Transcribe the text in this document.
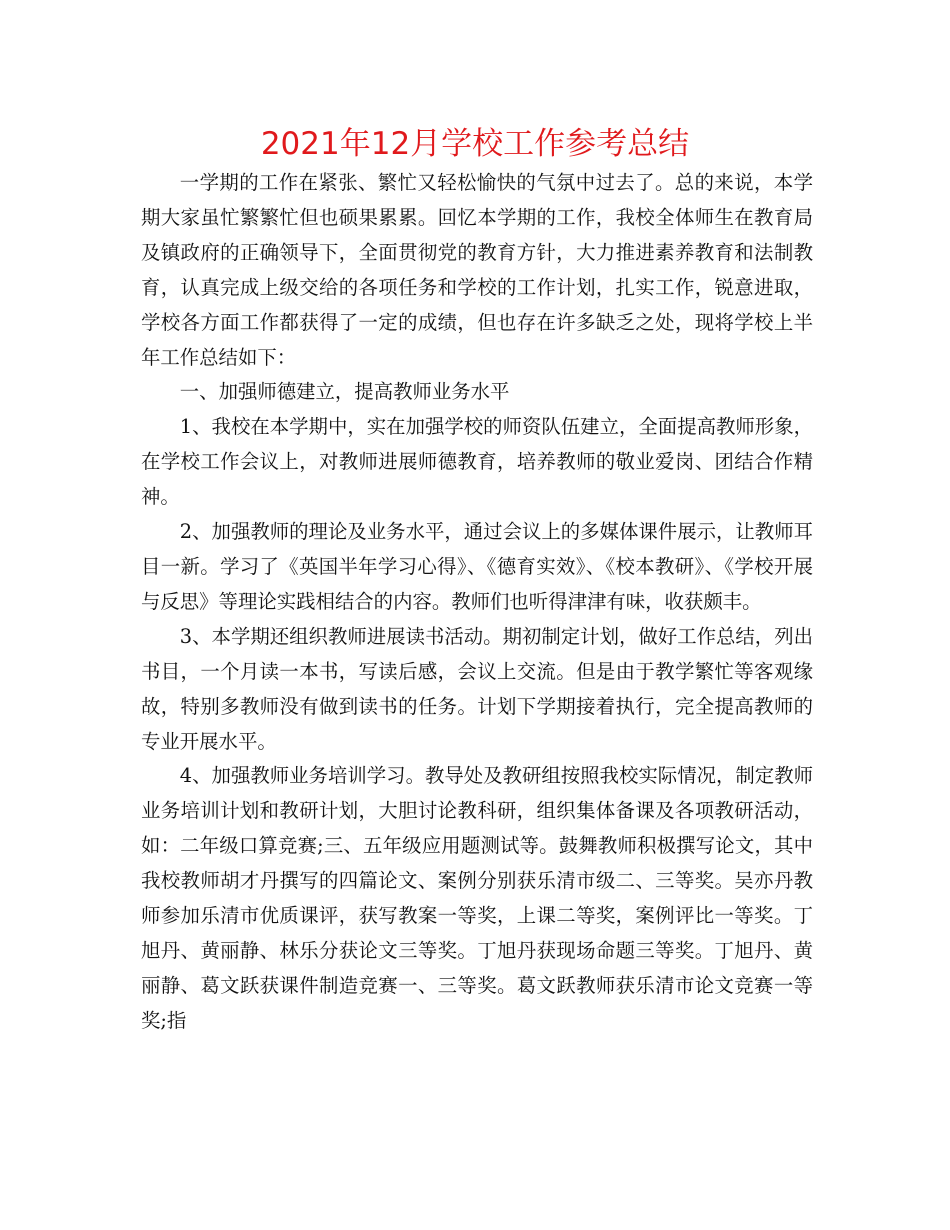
2021年12月学校工作参考总结

一学期的工作在紧张、繁忙又轻松愉快的气氛中过去了。总的来说，本学期大家虽忙繁繁忙但也硕果累累。回忆本学期的工作，我校全体师生在教育局及镇政府的正确领导下，全面贯彻党的教育方针，大力推进素养教育和法制教育，认真完成上级交给的各项任务和学校的工作计划，扎实工作，锐意进取，学校各方面工作都获得了一定的成绩，但也存在许多缺乏之处，现将学校上半年工作总结如下：

一、加强师德建立，提高教师业务水平

1、我校在本学期中，实在加强学校的师资队伍建立，全面提高教师形象，在学校工作会议上，对教师进展师德教育，培养教师的敬业爱岗、团结合作精神。

2、加强教师的理论及业务水平，通过会议上的多媒体课件展示，让教师耳目一新。学习了《英国半年学习心得》、《德育实效》、《校本教研》、《学校开展与反思》等理论实践相结合的内容。教师们也听得津津有味，收获颇丰。

3、本学期还组织教师进展读书活动。期初制定计划，做好工作总结，列出书目，一个月读一本书，写读后感，会议上交流。但是由于教学繁忙等客观缘故，特别多教师没有做到读书的任务。计划下学期接着执行，完全提高教师的专业开展水平。

4、加强教师业务培训学习。教导处及教研组按照我校实际情况，制定教师业务培训计划和教研计划，大胆讨论教科研，组织集体备课及各项教研活动，如：二年级口算竞赛;三、五年级应用题测试等。鼓舞教师积极撰写论文，其中我校教师胡才丹撰写的四篇论文、案例分别获乐清市级二、三等奖。吴亦丹教师参加乐清市优质课评，获写教案一等奖，上课二等奖，案例评比一等奖。丁旭丹、黄丽静、林乐分获论文三等奖。丁旭丹获现场命题三等奖。丁旭丹、黄丽静、葛文跃获课件制造竞赛一、三等奖。葛文跃教师获乐清市论文竞赛一等奖;指
